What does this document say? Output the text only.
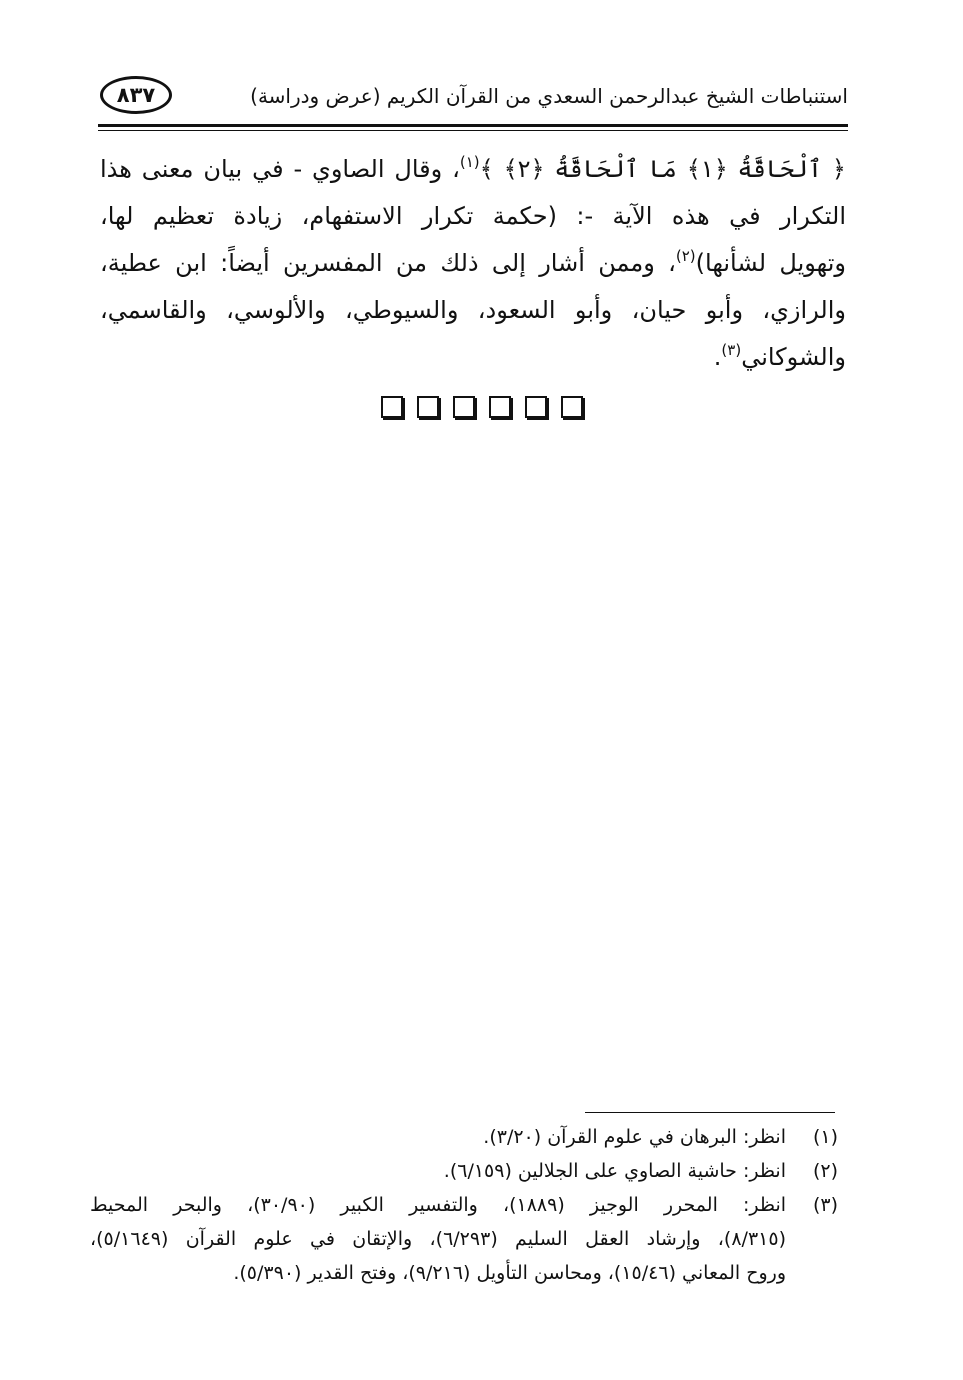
استنباطات الشيخ عبدالرحمن السعدي من القرآن الكريم (عرض ودراسة)
٨٣٧
﴿ ٱلْحَاقَّةُ ﴿١﴾ مَا ٱلْحَاقَّةُ ﴿٢﴾ ﴾$^{(١)}$، وقال الصاوي - في بيان معنى هذا
التكرار في هذه الآية -: (حكمة تكرار الاستفهام، زيادة تعظيم لها،
وتهويل لشأنها)$^{(٢)}$، وممن أشار إلى ذلك من المفسرين أيضاً: ابن عطية،
والرازي، وأبو حيان، وأبو السعود، والسيوطي، والألوسي، والقاسمي،
والشوكاني$^{(٣)}$.
(١)
انظر: البرهان في علوم القرآن (٣/٢٠).
(٢)
انظر: حاشية الصاوي على الجلالين (٦/١٥٩).
(٣)
انظر: المحرر الوجيز (١٨٨٩)، والتفسير الكبير (٣٠/٩٠)، والبحر المحيط
(٨/٣١٥)، وإرشاد العقل السليم (٦/٢٩٣)، والإتقان في علوم القرآن (٥/١٦٤٩)،
وروح المعاني (١٥/٤٦)، ومحاسن التأويل (٩/٢١٦)، وفتح القدير (٥/٣٩٠).
